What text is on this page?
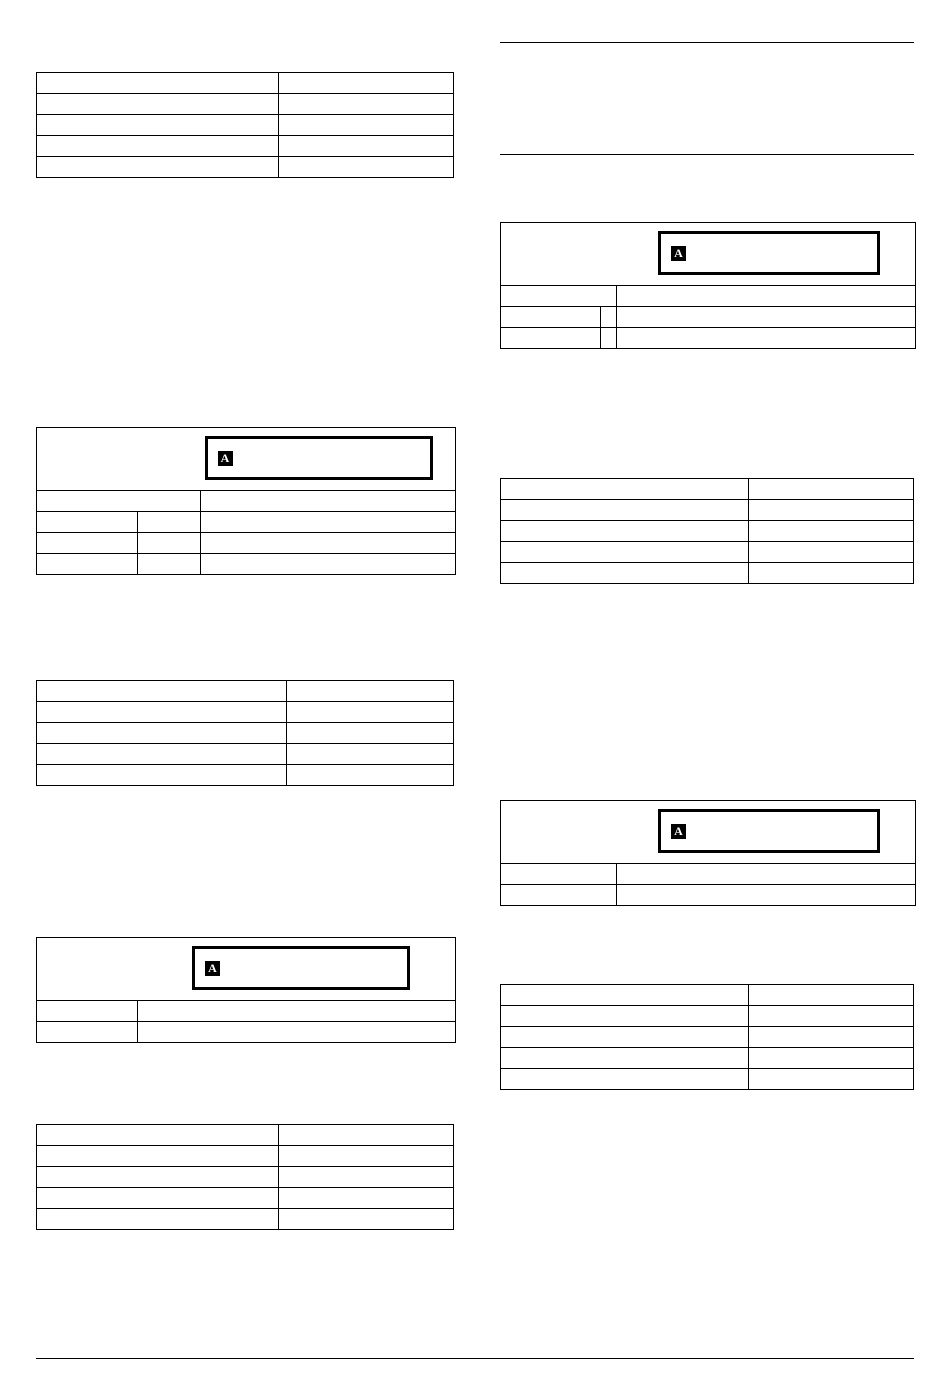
A

A

A

A
